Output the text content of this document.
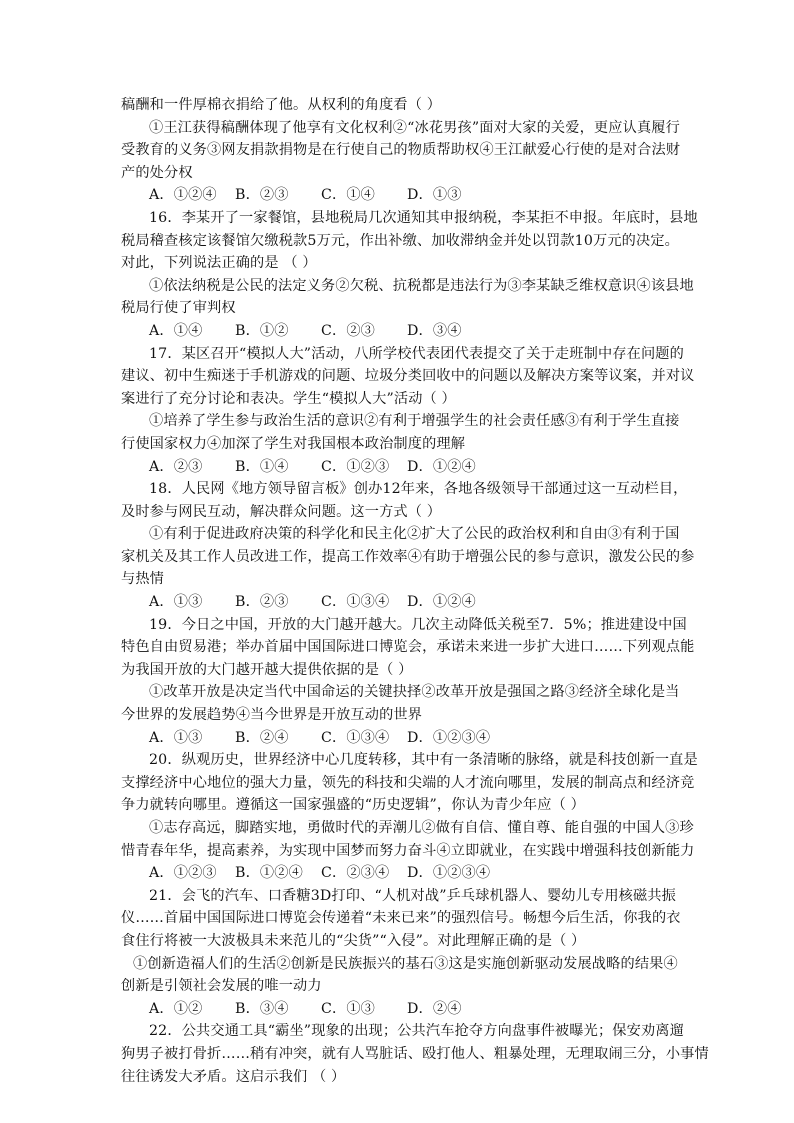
稿酬和一件厚棉衣捐给了他。从权利的角度看（ ）
①王江获得稿酬体现了他享有文化权利②“冰花男孩”面对大家的关爱，更应认真履行
受教育的义务③网友捐款捐物是在行使自己的物质帮助权④王江献爱心行使的是对合法财
产的处分权
A．①②④	B．②③	C．①④	D．①③
16．李某开了一家餐馆，县地税局几次通知其申报纳税，李某拒不申报。年底时，县地
税局稽查核定该餐馆欠缴税款5万元，作出补缴、加收滞纳金并处以罚款10万元的决定。
对此，下列说法正确的是 （ ）
①依法纳税是公民的法定义务②欠税、抗税都是违法行为③李某缺乏维权意识④该县地
税局行使了审判权
A．①④	B．①②	C．②③	D．③④
17．某区召开“模拟人大”活动，八所学校代表团代表提交了关于走班制中存在问题的
建议、初中生痴迷于手机游戏的问题、垃圾分类回收中的问题以及解决方案等议案，并对议
案进行了充分讨论和表决。学生“模拟人大”活动（ ）
①培养了学生参与政治生活的意识②有利于增强学生的社会责任感③有利于学生直接
行使国家权力④加深了学生对我国根本政治制度的理解
A．②③	B．①④	C．①②③	D．①②④
18．人民网《地方领导留言板》创办12年来，各地各级领导干部通过这一互动栏目，
及时参与网民互动，解决群众问题。这一方式（ ）
①有利于促进政府决策的科学化和民主化②扩大了公民的政治权利和自由③有利于国
家机关及其工作人员改进工作，提高工作效率④有助于增强公民的参与意识，激发公民的参
与热情
A．①③	B．②③	C．①③④	D．①②④
19．今日之中国，开放的大门越开越大。几次主动降低关税至7．5%；推进建设中国
特色自由贸易港；举办首届中国国际进口博览会，承诺未来进一步扩大进口……下列观点能
为我国开放的大门越开越大提供依据的是（ ）
①改革开放是决定当代中国命运的关键抉择②改革开放是强国之路③经济全球化是当
今世界的发展趋势④当今世界是开放互动的世界
A．①③	B．②④	C．①③④	D．①②③④
20．纵观历史，世界经济中心几度转移，其中有一条清晰的脉络，就是科技创新一直是
支撑经济中心地位的强大力量，领先的科技和尖端的人才流向哪里，发展的制高点和经济竞
争力就转向哪里。遵循这一国家强盛的“历史逻辑”，你认为青少年应（ ）
①志存高远，脚踏实地，勇做时代的弄潮儿②做有自信、懂自尊、能自强的中国人③珍
惜青春年华，提高素养，为实现中国梦而努力奋斗④立即就业，在实践中增强科技创新能力
A．①②③	B．①②④	C．②③④	D．①②③④
21．会飞的汽车、口香糖3D打印、“人机对战”乒乓球机器人、婴幼儿专用核磁共振
仪……首届中国国际进口博览会传递着“未来已来”的强烈信号。畅想今后生活，你我的衣
食住行将被一大波极具未来范儿的“尖货”“入侵”。对此理解正确的是（ ）
①创新造福人们的生活②创新是民族振兴的基石③这是实施创新驱动发展战略的结果④
创新是引领社会发展的唯一动力
A．①②	B．③④	C．①③	D．②④
22．公共交通工具“霸坐”现象的出现；公共汽车抢夺方向盘事件被曝光；保安劝离遛
狗男子被打骨折……稍有冲突，就有人骂脏话、殴打他人、粗暴处理，无理取闹三分，小事情
往往诱发大矛盾。这启示我们 （ ）
